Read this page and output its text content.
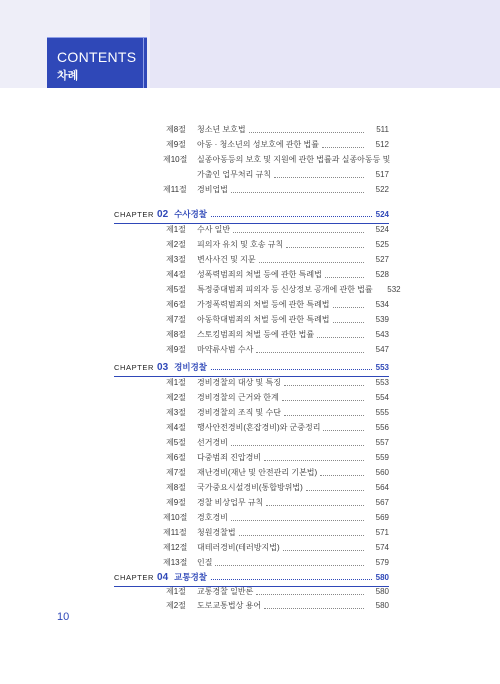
CONTENTS
차례
제8절	청소년 보호법	511
제9절	아동 · 청소년의 성보호에 관한 법률	512
제10절	실종아동등의 보호 및 지원에 관한 법률과 실종아동등 및
가출인 업무처리 규칙	517
제11절	경비업법	522
CHAPTER 02 수사경찰	524
제1절	수사 일반	524
제2절	피의자 유치 및 호송 규칙	525
제3절	변사사건 및 지문	527
제4절	성폭력범죄의 처벌 등에 관한 특례법	528
제5절	특정중대범죄 피의자 등 신상정보 공개에 관한 법률	532
제6절	가정폭력범죄의 처벌 등에 관한 특례법	534
제7절	아동학대범죄의 처벌 등에 관한 특례법	539
제8절	스토킹범죄의 처벌 등에 관한 법률	543
제9절	마약류사범 수사	547
CHAPTER 03 경비경찰	553
제1절	경비경찰의 대상 및 특징	553
제2절	경비경찰의 근거와 한계	554
제3절	경비경찰의 조직 및 수단	555
제4절	행사안전경비(혼잡경비)와 군중정리	556
제5절	선거경비	557
제6절	다중범죄 진압경비	559
제7절	재난경비(재난 및 안전관리 기본법)	560
제8절	국가중요시설경비(통합방위법)	564
제9절	경찰 비상업무 규칙	567
제10절	경호경비	569
제11절	청원경찰법	571
제12절	대테러경비(테러방지법)	574
제13절	인질	579
CHAPTER 04 교통경찰	580
제1절	교통경찰 일반론	580
제2절	도로교통법상 용어	580
10
